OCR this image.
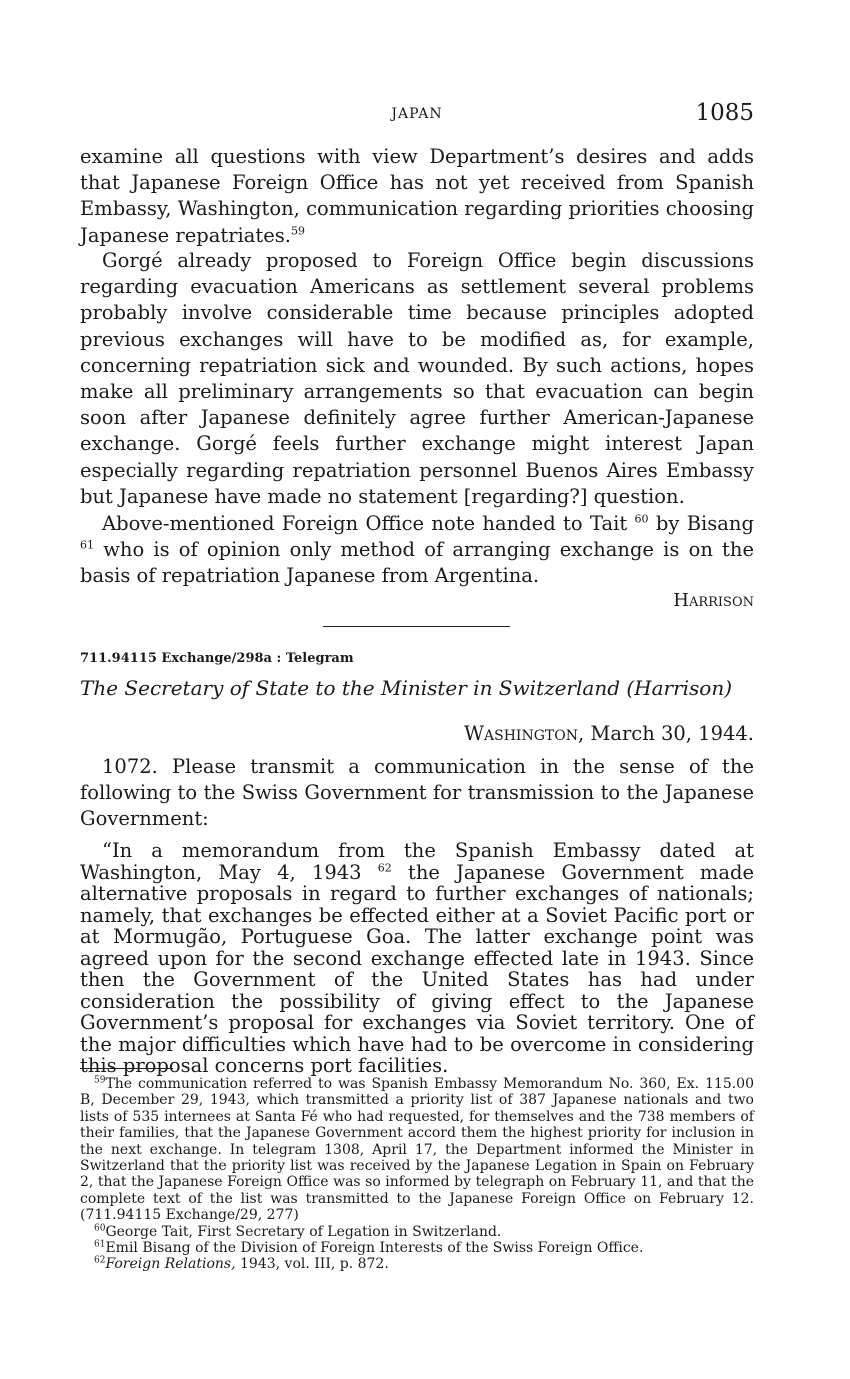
JAPAN	1085

examine all questions with view Department’s desires and adds that Japanese Foreign Office has not yet received from Spanish Embassy, Washington, communication regarding priorities choosing Japanese repatriates.$^{59}$

Gorgé already proposed to Foreign Office begin discussions regarding evacuation Americans as settlement several problems probably involve considerable time because principles adopted previous exchanges will have to be modified as, for example, concerning repatriation sick and wounded. By such actions, hopes make all preliminary arrangements so that evacuation can begin soon after Japanese definitely agree further American-Japanese exchange. Gorgé feels further exchange might interest Japan especially regarding repatriation personnel Buenos Aires Embassy but Japanese have made no statement [regarding?] question.

Above-mentioned Foreign Office note handed to Tait $^{60}$ by Bisang $^{61}$ who is of opinion only method of arranging exchange is on the basis of repatriation Japanese from Argentina.

Harrison
711.94115 Exchange/298a : Telegram
The Secretary of State to the Minister in Switzerland (Harrison)
Washington, March 30, 1944.

1072. Please transmit a communication in the sense of the following to the Swiss Government for transmission to the Japanese Government:

“In a memorandum from the Spanish Embassy dated at Washington, May 4, 1943 $^{62}$ the Japanese Government made alternative proposals in regard to further exchanges of nationals; namely, that exchanges be effected either at a Soviet Pacific port or at Mormugão, Portuguese Goa. The latter exchange point was agreed upon for the second exchange effected late in 1943. Since then the Government of the United States has had under consideration the possibility of giving effect to the Japanese Government’s proposal for exchanges via Soviet territory. One of the major difficulties which have had to be overcome in considering this proposal concerns port facilities.

$^{59}$The communication referred to was Spanish Embassy Memorandum No. 360, Ex. 115.00 B, December 29, 1943, which transmitted a priority list of 387 Japanese nationals and two lists of 535 internees at Santa Fé who had requested, for themselves and the 738 members of their families, that the Japanese Government accord them the highest priority for inclusion in the next exchange. In telegram 1308, April 17, the Department informed the Minister in Switzerland that the priority list was received by the Japanese Legation in Spain on February 2, that the Japanese Foreign Office was so informed by telegraph on February 11, and that the complete text of the list was transmitted to the Japanese Foreign Office on February 12. (711.94115 Exchange/29, 277)

$^{60}$George Tait, First Secretary of Legation in Switzerland.

$^{61}$Emil Bisang of the Division of Foreign Interests of the Swiss Foreign Office.

$^{62}$Foreign Relations, 1943, vol. III, p. 872.
